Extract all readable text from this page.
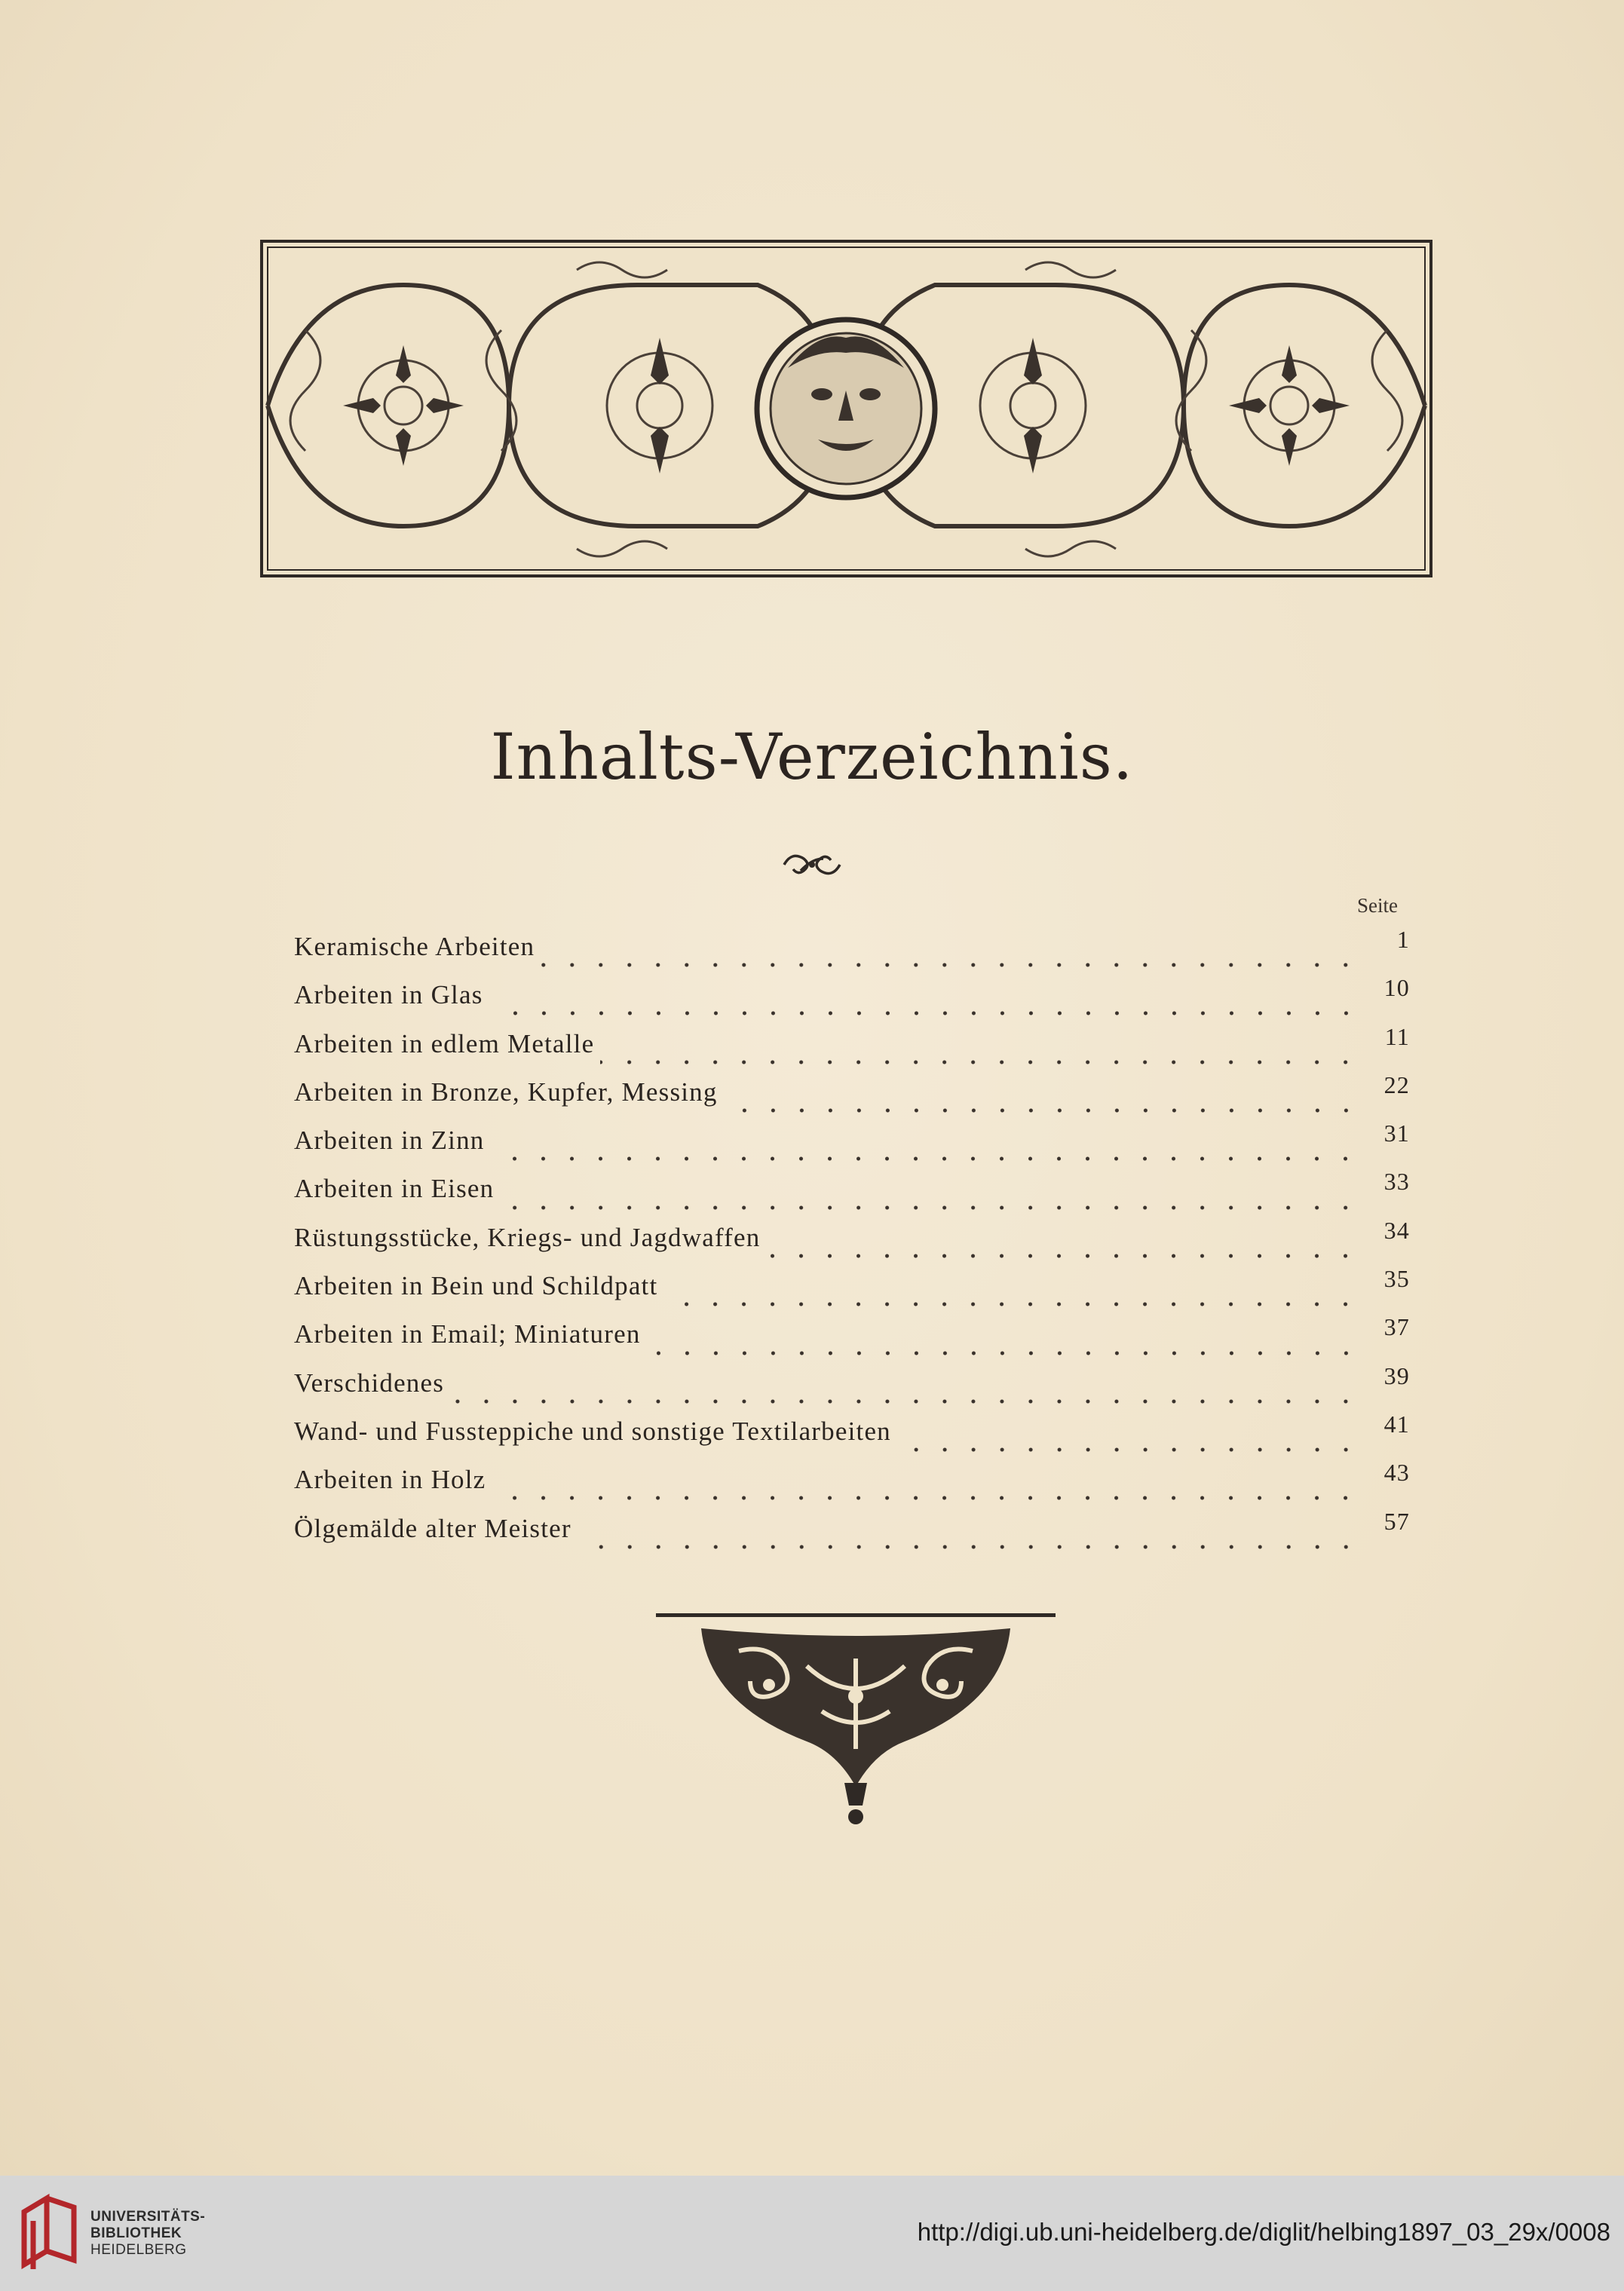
Inhalts-Verzeichnis.
Seite
Keramische Arbeiten	1
Arbeiten in Glas	10
Arbeiten in edlem Metalle	11
Arbeiten in Bronze, Kupfer, Messing	22
Arbeiten in Zinn	31
Arbeiten in Eisen	33
Rüstungsstücke, Kriegs- und Jagdwaffen	34
Arbeiten in Bein und Schildpatt	35
Arbeiten in Email; Miniaturen	37
Verschidenes	39
Wand- und Fussteppiche und sonstige Textilarbeiten	41
Arbeiten in Holz	43
Ölgemälde alter Meister	57
UNIVERSITÄTS-
BIBLIOTHEK
HEIDELBERG
http://digi.ub.uni-heidelberg.de/diglit/helbing1897_03_29x/0008
